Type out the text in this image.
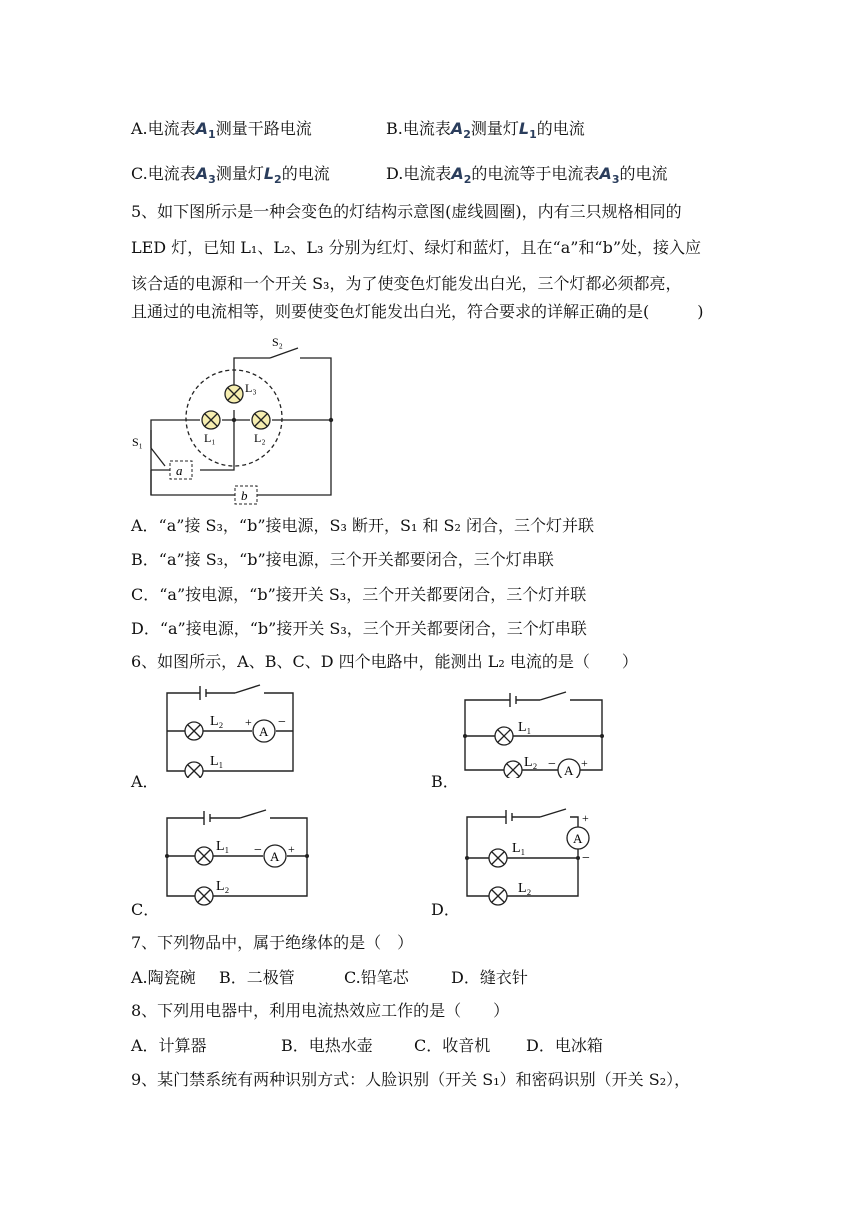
A.电流表$A_1$测量干路电流	B.电流表$A_2$测量灯$L_1$的电流
C.电流表$A_3$测量灯$L_2$的电流	D.电流表$A_2$的电流等于电流表$A_3$的电流
5、如下图所示是一种会变色的灯结构示意图(虚线圆圈)，内有三只规格相同的
LED 灯，已知 L₁、L₂、L₃ 分别为红灯、绿灯和蓝灯，且在“a”和“b”处，接入应
该合适的电源和一个开关 S₃，为了使变色灯能发出白光，三个灯都必须都亮，
且通过的电流相等，则要使变色灯能发出白光，符合要求的详解正确的是(　　　)
a
b
S₂
S₁
L₃
L₁	L₂
A．“a”接 S₃，“b”接电源，S₃ 断开，S₁ 和 S₂ 闭合，三个灯并联
B．“a”接 S₃，“b”接电源，三个开关都要闭合，三个灯串联
C．“a”按电源，“b”接开关 S₃，三个开关都要闭合，三个灯并联
D．“a”接电源，“b”接开关 S₃，三个开关都要闭合，三个灯串联
6、如图所示，A、B、C、D 四个电路中，能测出 L₂ 电流的是（　　）
A
+ −
L₂
L₁
A．
A
− +
L₁
L₂
B．
A
− +
L₁
L₂
C．
A
+
−
L₁
L₂
D．
7、下列物品中，属于绝缘体的是（　）
A.陶瓷碗 B．二极管	C.铅笔芯	D．缝衣针
8、下列用电器中，利用电流热效应工作的是（　　）
A．计算器	B．电热水壶	C．收音机 D．电冰箱
9、某门禁系统有两种识别方式：人脸识别（开关 S₁）和密码识别（开关 S₂），
